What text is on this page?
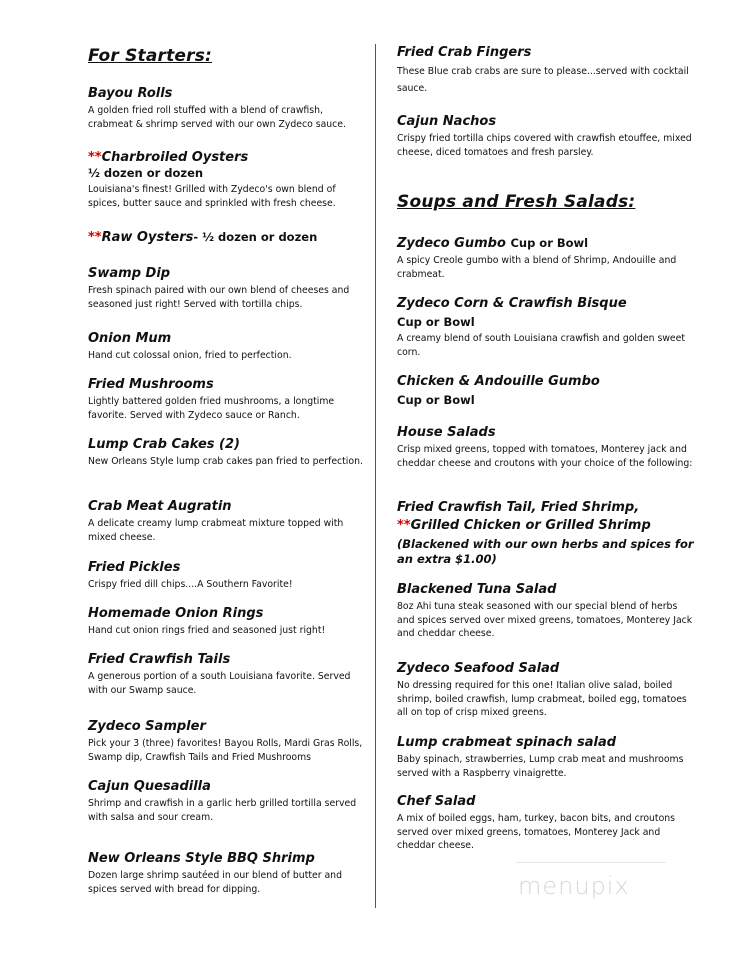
For Starters:
Bayou Rolls
A golden fried roll stuffed with a blend of crawfish, crabmeat & shrimp served with our own Zydeco sauce.
**Charbroiled Oysters
½ dozen or dozen
Louisiana's finest! Grilled with Zydeco's own blend of spices, butter sauce and sprinkled with fresh cheese.
**Raw Oysters- ½ dozen or dozen
Swamp Dip
Fresh spinach paired with our own blend of cheeses and seasoned just right! Served with tortilla chips.
Onion Mum
Hand cut colossal onion, fried to perfection.
Fried Mushrooms
Lightly battered golden fried mushrooms, a longtime favorite. Served with Zydeco sauce or Ranch.
Lump Crab Cakes (2)
New Orleans Style lump crab cakes pan fried to perfection.
Crab Meat Augratin
A delicate creamy lump crabmeat mixture topped with mixed cheese.
Fried Pickles
Crispy fried dill chips....A Southern Favorite!
Homemade Onion Rings
Hand cut onion rings fried and seasoned just right!
Fried Crawfish Tails
A generous portion of a south Louisiana favorite. Served with our Swamp sauce.
Zydeco Sampler
Pick your 3 (three) favorites! Bayou Rolls, Mardi Gras Rolls, Swamp dip, Crawfish Tails and Fried Mushrooms
Cajun Quesadilla
Shrimp and crawfish in a garlic herb grilled tortilla served with salsa and sour cream.
New Orleans Style BBQ Shrimp
Dozen large shrimp sautéed in our blend of butter and spices served with bread for dipping.
Fried Crab Fingers
These Blue crab crabs are sure to please...served with cocktail sauce.
Cajun Nachos
Crispy fried tortilla chips covered with crawfish etouffee, mixed cheese, diced tomatoes and fresh parsley.
Soups and Fresh Salads:
Zydeco Gumbo Cup or Bowl
A spicy Creole gumbo with a blend of Shrimp, Andouille and crabmeat.
Zydeco Corn & Crawfish Bisque
Cup or Bowl
A creamy blend of south Louisiana crawfish and golden sweet corn.
Chicken & Andouille Gumbo
Cup or Bowl
House Salads
Crisp mixed greens, topped with tomatoes, Monterey jack and cheddar cheese and croutons with your choice of the following:
Fried Crawfish Tail, Fried Shrimp,
**Grilled Chicken or Grilled Shrimp
(Blackened with our own herbs and spices for an extra $1.00)
Blackened Tuna Salad
8oz Ahi tuna steak seasoned with our special blend of herbs and spices served over mixed greens, tomatoes, Monterey Jack and cheddar cheese.
Zydeco Seafood Salad
No dressing required for this one! Italian olive salad, boiled shrimp, boiled crawfish, lump crabmeat, boiled egg, tomatoes all on top of crisp mixed greens.
Lump crabmeat spinach salad
Baby spinach, strawberries, Lump crab meat and mushrooms served with a Raspberry vinaigrette.
Chef Salad
A mix of boiled eggs, ham, turkey, bacon bits, and croutons served over mixed greens, tomatoes, Monterey Jack and cheddar cheese.
menupix
